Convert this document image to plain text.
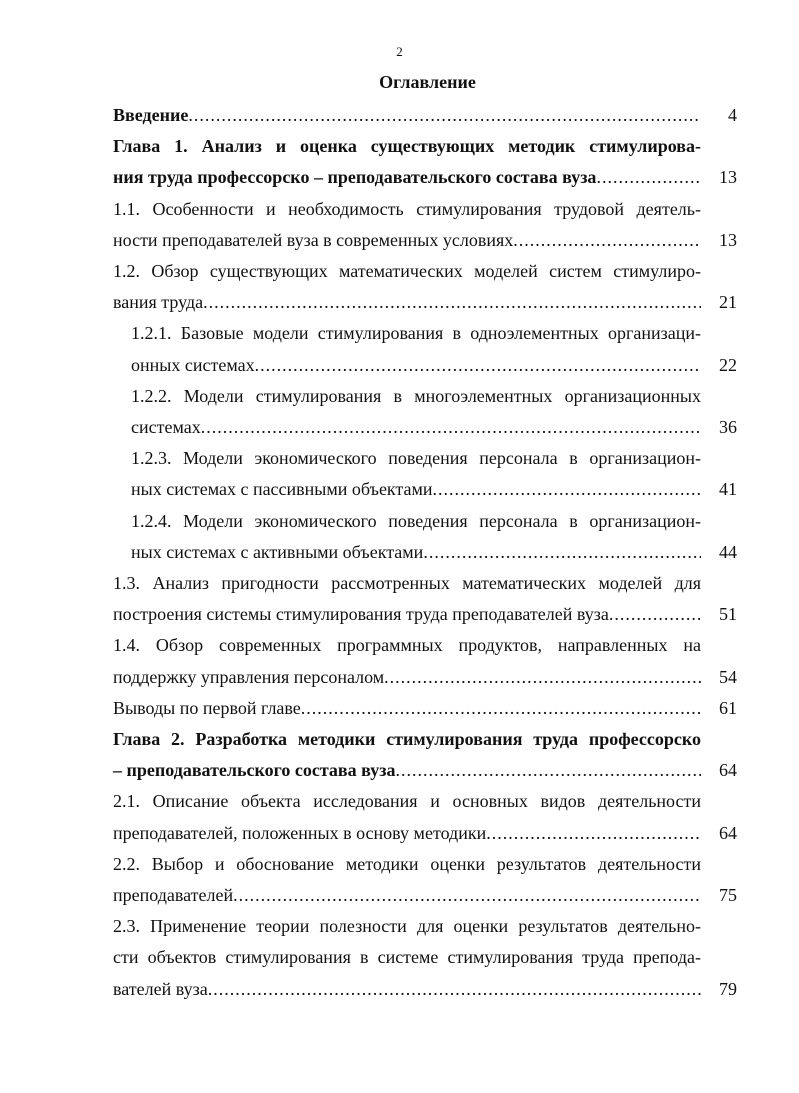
2
Оглавление
Введение .....	4
Глава 1. Анализ и оценка существующих методик стимулирова-
ния труда профессорско – преподавательского состава вуза .....	13
1.1. Особенности и необходимость стимулирования трудовой деятель-
ности преподавателей вуза в современных условиях .....	13
1.2. Обзор существующих математических моделей систем стимулиро-
вания труда .....	21
1.2.1. Базовые модели стимулирования в одноэлементных организаци-
онных системах .....	22
1.2.2. Модели стимулирования в многоэлементных организационных
системах .....	36
1.2.3. Модели экономического поведения персонала в организацион-
ных системах с пассивными объектами .....	41
1.2.4. Модели экономического поведения персонала в организацион-
ных системах с активными объектами .....	44
1.3. Анализ пригодности рассмотренных математических моделей для
построения системы стимулирования труда преподавателей вуза .....	51
1.4. Обзор современных программных продуктов, направленных на
поддержку управления персоналом .....	54
Выводы по первой главе .....	61
Глава 2. Разработка методики стимулирования труда профессорско
– преподавательского состава вуза .....	64
2.1. Описание объекта исследования и основных видов деятельности
преподавателей, положенных в основу методики .....	64
2.2. Выбор и обоснование методики оценки результатов деятельности
преподавателей .....	75
2.3. Применение теории полезности для оценки результатов деятельно-
сти объектов стимулирования в системе стимулирования труда препода-
вателей вуза .....	79
